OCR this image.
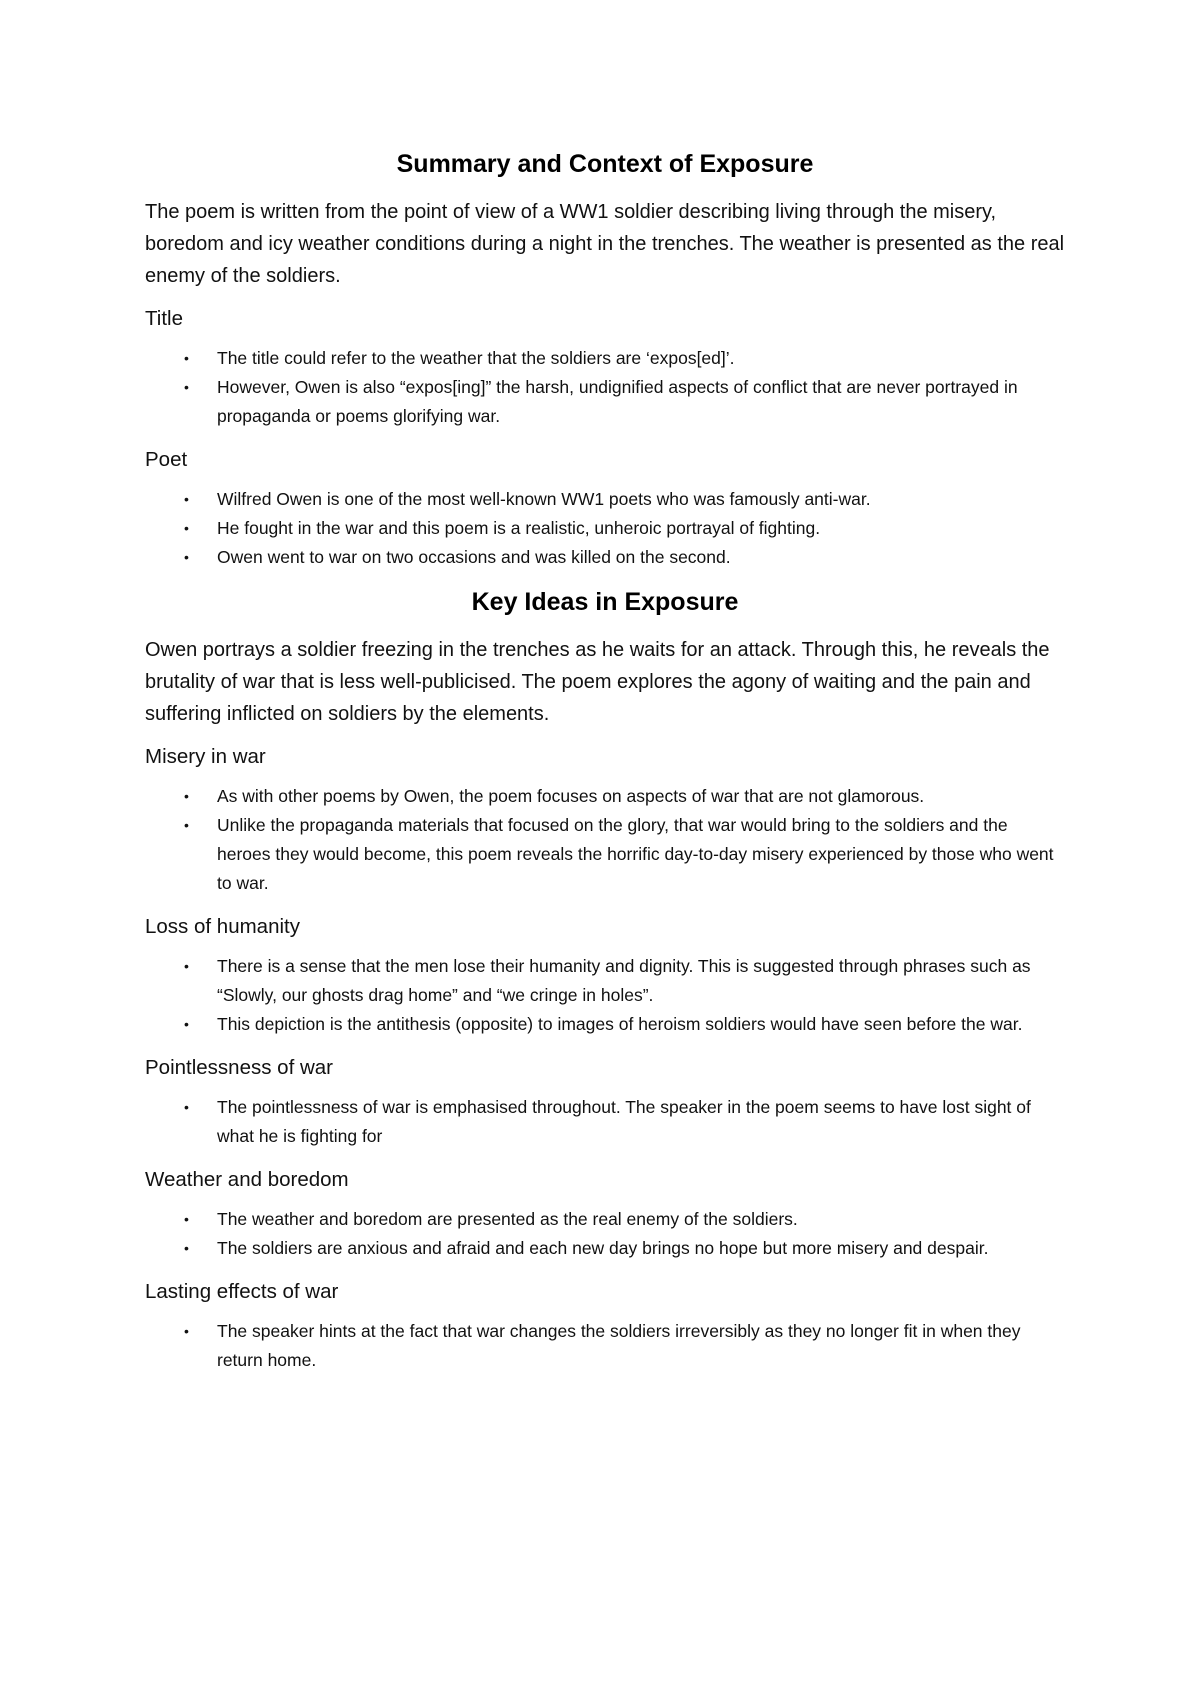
Summary and Context of Exposure

The poem is written from the point of view of a WW1 soldier describing living through the misery, boredom and icy weather conditions during a night in the trenches. The weather is presented as the real enemy of the soldiers.

Title
• The title could refer to the weather that the soldiers are ‘expos[ed]’.
• However, Owen is also “expos[ing]” the harsh, undignified aspects of conflict that are never portrayed in propaganda or poems glorifying war.
Poet
• Wilfred Owen is one of the most well-known WW1 poets who was famously anti-war.
• He fought in the war and this poem is a realistic, unheroic portrayal of fighting.
• Owen went to war on two occasions and was killed on the second.
Key Ideas in Exposure

Owen portrays a soldier freezing in the trenches as he waits for an attack. Through this, he reveals the brutality of war that is less well-publicised. The poem explores the agony of waiting and the pain and suffering inflicted on soldiers by the elements.

Misery in war
• As with other poems by Owen, the poem focuses on aspects of war that are not glamorous.
• Unlike the propaganda materials that focused on the glory, that war would bring to the soldiers and the heroes they would become, this poem reveals the horrific day-to-day misery experienced by those who went to war.
Loss of humanity
• There is a sense that the men lose their humanity and dignity. This is suggested through phrases such as “Slowly, our ghosts drag home” and “we cringe in holes”.
• This depiction is the antithesis (opposite) to images of heroism soldiers would have seen before the war.
Pointlessness of war
• The pointlessness of war is emphasised throughout. The speaker in the poem seems to have lost sight of what he is fighting for
Weather and boredom
• The weather and boredom are presented as the real enemy of the soldiers.
• The soldiers are anxious and afraid and each new day brings no hope but more misery and despair.
Lasting effects of war
• The speaker hints at the fact that war changes the soldiers irreversibly as they no longer fit in when they return home.
